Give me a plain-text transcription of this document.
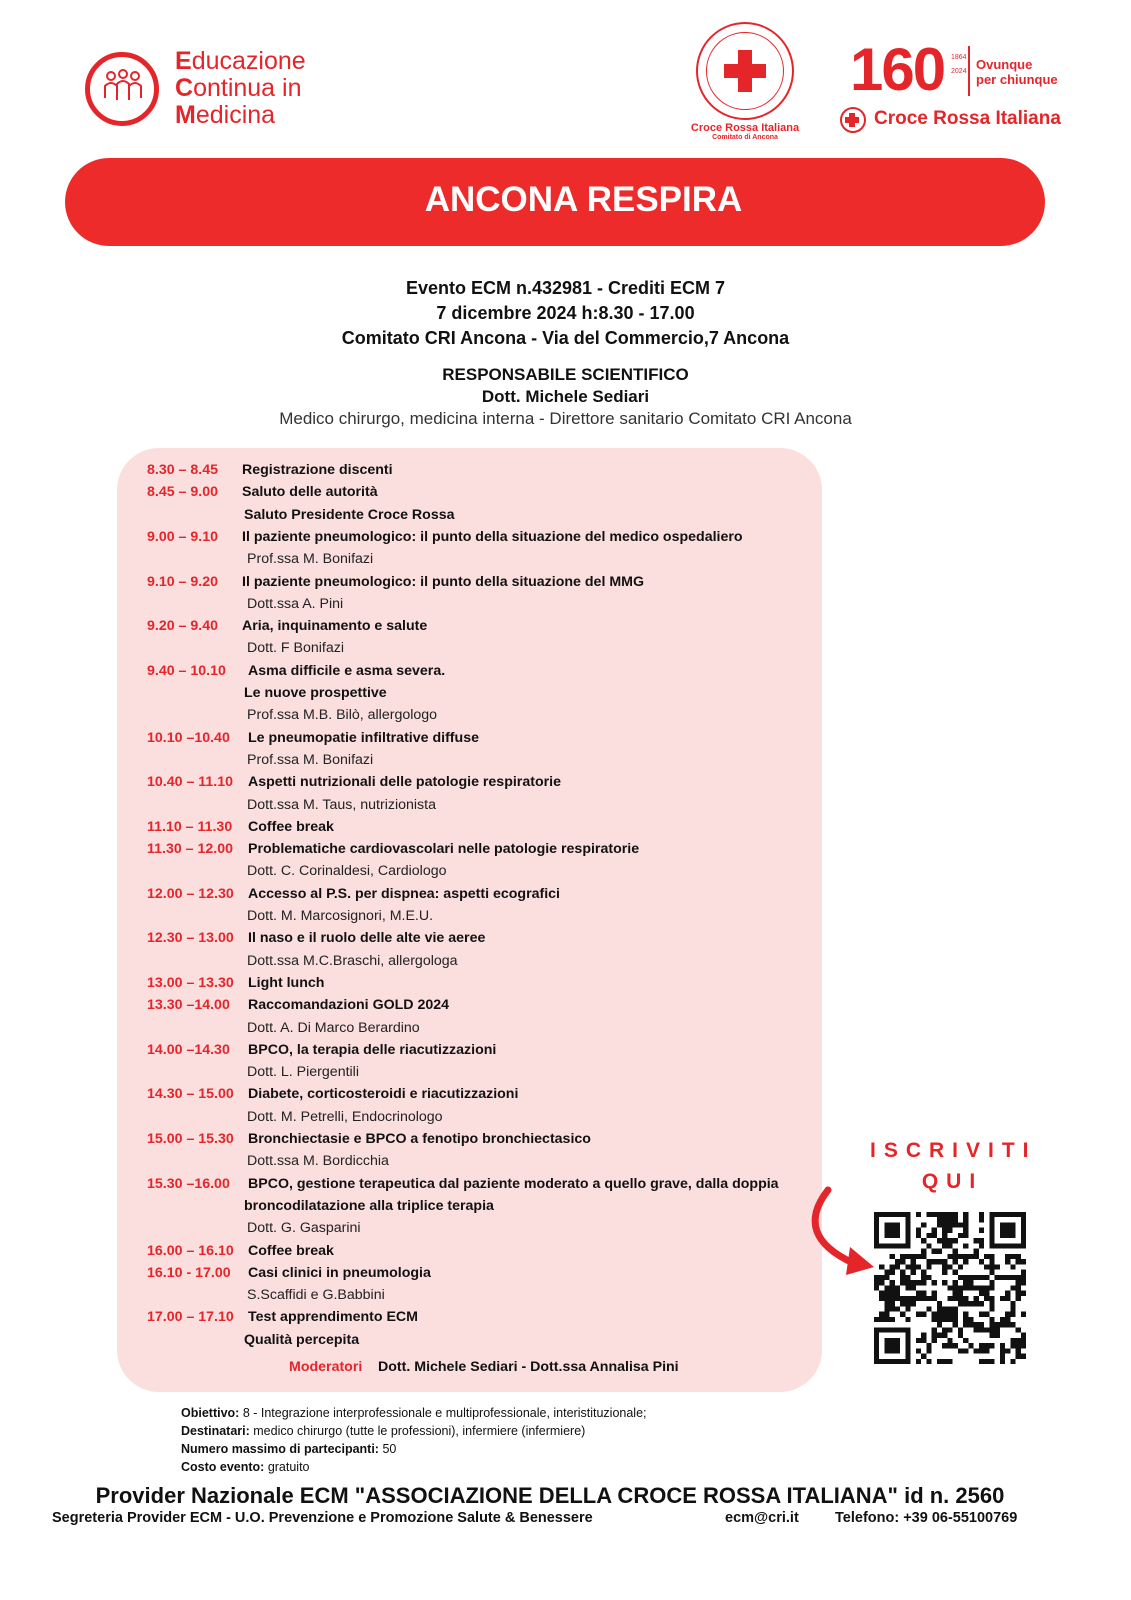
Educazione
Continua in
Medicina	Croce Rossa Italiana
Comitato di Ancona
160 1864
2024 Ovunque
per chiunque
Croce Rossa Italiana
ANCONA RESPIRA
Evento ECM n.432981 - Crediti ECM 7
7 dicembre 2024 h:8.30 - 17.00
Comitato CRI Ancona - Via del Commercio,7 Ancona
RESPONSABILE SCIENTIFICO
Dott. Michele Sediari
Medico chirurgo, medicina interna - Direttore sanitario Comitato CRI Ancona
8.30 – 8.45 Registrazione discenti
8.45 – 9.00 Saluto delle autorità
Saluto Presidente Croce Rossa
9.00 – 9.10 Il paziente pneumologico: il punto della situazione del medico ospedaliero
Prof.ssa M. Bonifazi
9.10 – 9.20 Il paziente pneumologico: il punto della situazione del MMG
Dott.ssa A. Pini
9.20 – 9.40 Aria, inquinamento e salute
Dott. F Bonifazi
9.40 – 10.10 Asma difficile e asma severa.
Le nuove prospettive
Prof.ssa M.B. Bilò, allergologo
10.10 –10.40 Le pneumopatie infiltrative diffuse
Prof.ssa M. Bonifazi
10.40 – 11.10 Aspetti nutrizionali delle patologie respiratorie
Dott.ssa M. Taus, nutrizionista
11.10 – 11.30 Coffee break
11.30 – 12.00 Problematiche cardiovascolari nelle patologie respiratorie
Dott. C. Corinaldesi, Cardiologo
12.00 – 12.30 Accesso al P.S. per dispnea: aspetti ecografici
Dott. M. Marcosignori, M.E.U.
12.30 – 13.00 Il naso e il ruolo delle alte vie aeree
Dott.ssa M.C.Braschi, allergologa
13.00 – 13.30 Light lunch
13.30 –14.00 Raccomandazioni GOLD 2024
Dott. A. Di Marco Berardino
14.00 –14.30 BPCO, la terapia delle riacutizzazioni
Dott. L. Piergentili
14.30 – 15.00 Diabete, corticosteroidi e riacutizzazioni
Dott. M. Petrelli, Endocrinologo
15.00 – 15.30 Bronchiectasie e BPCO a fenotipo bronchiectasico
Dott.ssa M. Bordicchia
15.30 –16.00 BPCO, gestione terapeutica dal paziente moderato a quello grave, dalla doppia
broncodilatazione alla triplice terapia
Dott. G. Gasparini
16.00 – 16.10 Coffee break
16.10 - 17.00 Casi clinici in pneumologia
S.Scaffidi e G.Babbini
17.00 – 17.10 Test apprendimento ECM
Qualità percepita
Moderatori Dott. Michele Sediari - Dott.ssa Annalisa Pini
ISCRIVITI
QUI
Obiettivo: 8 - Integrazione interprofessionale e multiprofessionale, interistituzionale;
Destinatari: medico chirurgo (tutte le professioni), infermiere (infermiere)
Numero massimo di partecipanti: 50
Costo evento: gratuito
Provider Nazionale ECM "ASSOCIAZIONE DELLA CROCE ROSSA ITALIANA" id n. 2560
Segreteria Provider ECM - U.O. Prevenzione e Promozione Salute & Benessere	ecm@cri.it Telefono: +39 06-55100769
